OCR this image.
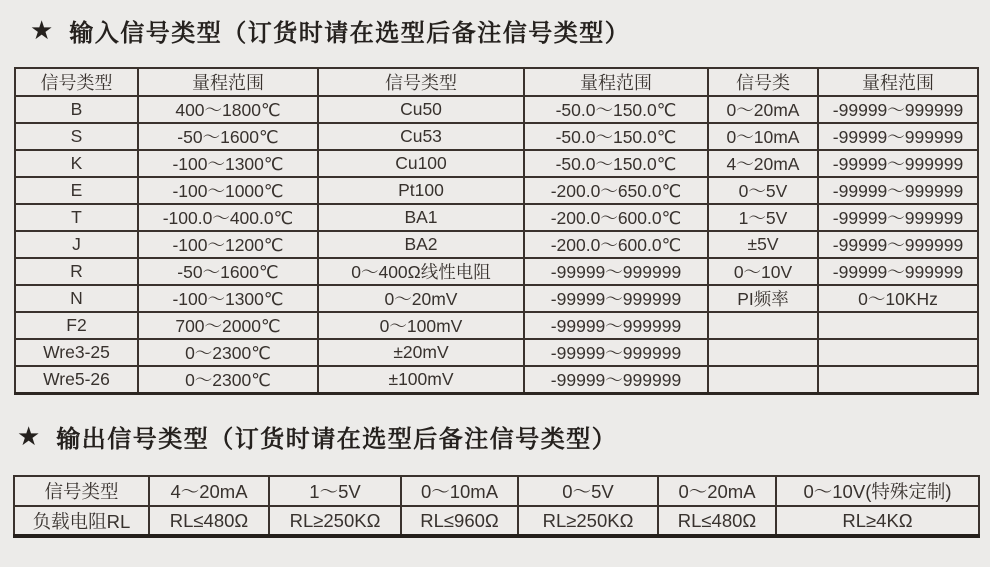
★ 输入信号类型（订货时请在选型后备注信号类型）
信号类型	量程范围	信号类型	量程范围	信号类	量程范围
B	400～1800℃	Cu50	-50.0～150.0℃	0～20mA	-99999～999999
S	-50～1600℃	Cu53	-50.0～150.0℃	0～10mA	-99999～999999
K	-100～1300℃	Cu100	-50.0～150.0℃	4～20mA	-99999～999999
E	-100～1000℃	Pt100	-200.0～650.0℃	0～5V	-99999～999999
T	-100.0～400.0℃	BA1	-200.0～600.0℃	1～5V	-99999～999999
J	-100～1200℃	BA2	-200.0～600.0℃	±5V	-99999～999999
R	-50～1600℃	0～400Ω线性电阻	-99999～999999	0～10V	-99999～999999
N	-100～1300℃	0～20mV	-99999～999999	PI频率	0～10KHz
F2	700～2000℃	0～100mV	-99999～999999		
Wre3-25	0～2300℃	±20mV	-99999～999999		
Wre5-26	0～2300℃	±100mV	-99999～999999		
★ 输出信号类型（订货时请在选型后备注信号类型）
信号类型	4～20mA	1～5V	0～10mA	0～5V	0～20mA	0～10V(特殊定制)
负载电阻RL	RL≤480Ω	RL≥250KΩ	RL≤960Ω	RL≥250KΩ	RL≤480Ω	RL≥4KΩ
